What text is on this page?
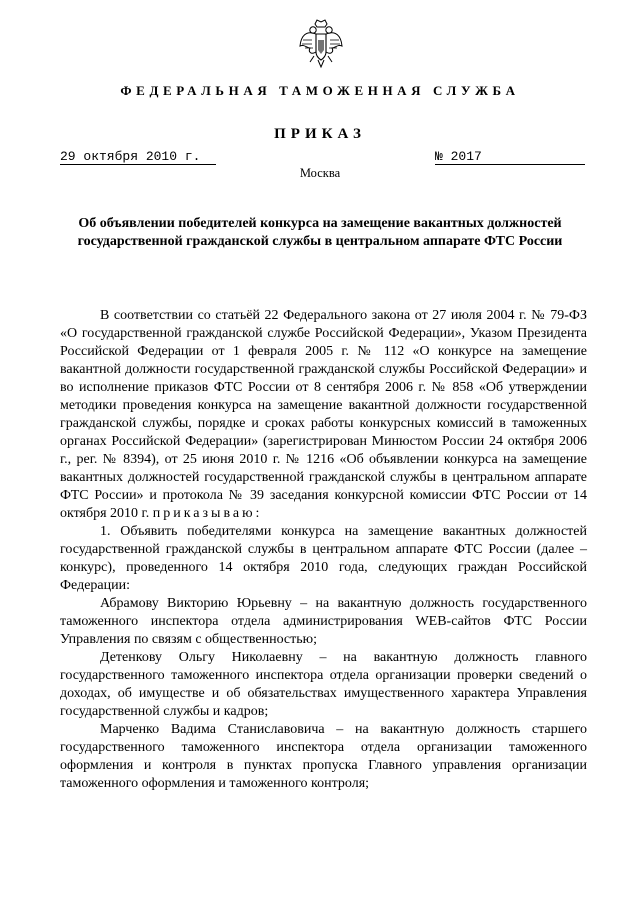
ФЕДЕРАЛЬНАЯ ТАМОЖЕННАЯ СЛУЖБА
ПРИКАЗ
29 октября 2010 г.	№ 2017
Москва
Об объявлении победителей конкурса на замещение вакантных должностей государственной гражданской службы в центральном аппарате ФТС России

В соответствии со статьёй 22 Федерального закона от 27 июля 2004 г. № 79-ФЗ «О государственной гражданской службе Российской Федерации», Указом Президента Российской Федерации от 1 февраля 2005 г. № 112 «О конкурсе на замещение вакантной должности государственной гражданской службы Российской Федерации» и во исполнение приказов ФТС России от 8 сентября 2006 г. № 858 «Об утверждении методики проведения конкурса на замещение вакантной должности государственной гражданской службы, порядке и сроках работы конкурсных комиссий в таможенных органах Российской Федерации» (зарегистрирован Минюстом России 24 октября 2006 г., рег. № 8394), от 25 июня 2010 г. № 1216 «Об объявлении конкурса на замещение вакантных должностей государственной гражданской службы в центральном аппарате ФТС России» и протокола № 39 заседания конкурсной комиссии ФТС России от 14 октября 2010 г. приказываю:

1. Объявить победителями конкурса на замещение вакантных должностей государственной гражданской службы в центральном аппарате ФТС России (далее – конкурс), проведенного 14 октября 2010 года, следующих граждан Российской Федерации:

Абрамову Викторию Юрьевну – на вакантную должность государственного таможенного инспектора отдела администрирования WEB-сайтов ФТС России Управления по связям с общественностью;

Детенкову Ольгу Николаевну – на вакантную должность главного государственного таможенного инспектора отдела организации проверки сведений о доходах, об имуществе и об обязательствах имущественного характера Управления государственной службы и кадров;

Марченко Вадима Станиславовича – на вакантную должность старшего государственного таможенного инспектора отдела организации таможенного оформления и контроля в пунктах пропуска Главного управления организации таможенного оформления и таможенного контроля;
